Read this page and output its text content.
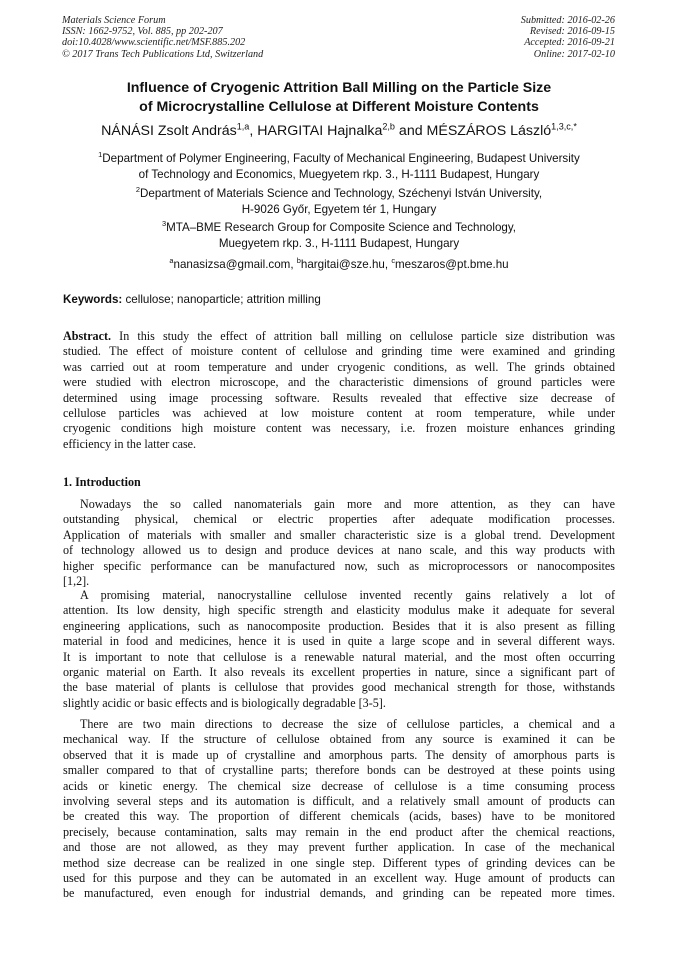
Materials Science Forum
ISSN: 1662-9752, Vol. 885, pp 202-207
doi:10.4028/www.scientific.net/MSF.885.202
© 2017 Trans Tech Publications Ltd, Switzerland
Submitted: 2016-02-26
Revised: 2016-09-15
Accepted: 2016-09-21
Online: 2017-02-10
Influence of Cryogenic Attrition Ball Milling on the Particle Size
of Microcrystalline Cellulose at Different Moisture Contents
NÁNÁSI Zsolt András$^{1,a}$, HARGITAI Hajnalka$^{2,b}$ and MÉSZÁROS László$^{1,3,c,*}$
$^1$Department of Polymer Engineering, Faculty of Mechanical Engineering, Budapest University
of Technology and Economics, Muegyetem rkp. 3., H-1111 Budapest, Hungary
$^2$Department of Materials Science and Technology, Széchenyi István University,
H-9026 Győr, Egyetem tér 1, Hungary
$^3$MTA–BME Research Group for Composite Science and Technology,
Muegyetem rkp. 3., H-1111 Budapest, Hungary
$^a$nanasizsa@gmail.com, $^b$hargitai@sze.hu, $^c$meszaros@pt.bme.hu
Keywords: cellulose; nanoparticle; attrition milling
Abstract. In this study the effect of attrition ball milling on cellulose particle size distribution was
studied. The effect of moisture content of cellulose and grinding time were examined and grinding
was carried out at room temperature and under cryogenic conditions, as well. The grinds obtained
were studied with electron microscope, and the characteristic dimensions of ground particles were
determined using image processing software. Results revealed that effective size decrease of
cellulose particles was achieved at low moisture content at room temperature, while under
cryogenic conditions high moisture content was necessary, i.e. frozen moisture enhances grinding
efficiency in the latter case.
1. Introduction
Nowadays the so called nanomaterials gain more and more attention, as they can have
outstanding physical, chemical or electric properties after adequate modification processes.
Application of materials with smaller and smaller characteristic size is a global trend. Development
of technology allowed us to design and produce devices at nano scale, and this way products with
higher specific performance can be manufactured now, such as microprocessors or nanocomposites
[1,2].
A promising material, nanocrystalline cellulose invented recently gains relatively a lot of
attention. Its low density, high specific strength and elasticity modulus make it adequate for several
engineering applications, such as nanocomposite production. Besides that it is also present as filling
material in food and medicines, hence it is used in quite a large scope and in several different ways.
It is important to note that cellulose is a renewable natural material, and the most often occurring
organic material on Earth. It also reveals its excellent properties in nature, since a significant part of
the base material of plants is cellulose that provides good mechanical strength for those, withstands
slightly acidic or basic effects and is biologically degradable [3-5].
There are two main directions to decrease the size of cellulose particles, a chemical and a
mechanical way. If the structure of cellulose obtained from any source is examined it can be
observed that it is made up of crystalline and amorphous parts. The density of amorphous parts is
smaller compared to that of crystalline parts; therefore bonds can be destroyed at these points using
acids or kinetic energy. The chemical size decrease of cellulose is a time consuming process
involving several steps and its automation is difficult, and a relatively small amount of products can
be created this way. The proportion of different chemicals (acids, bases) have to be monitored
precisely, because contamination, salts may remain in the end product after the chemical reactions,
and those are not allowed, as they may prevent further application. In case of the mechanical
method size decrease can be realized in one single step. Different types of grinding devices can be
used for this purpose and they can be automated in an excellent way. Huge amount of products can
be manufactured, even enough for industrial demands, and grinding can be repeated more times.
